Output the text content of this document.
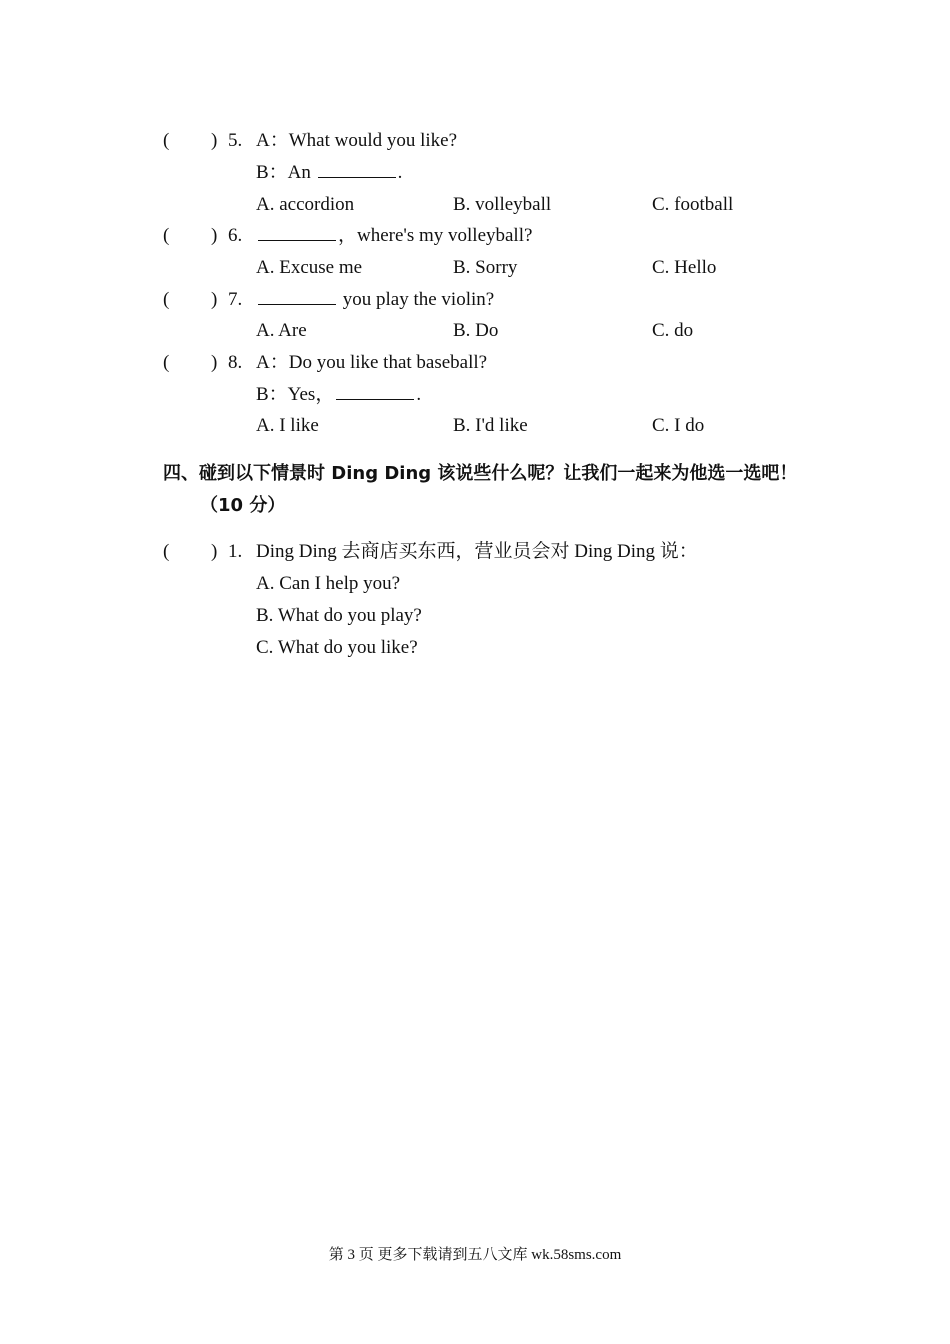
( ) 5. A：What would you like?
B：An	.
A. accordion	B. volleyball	C. football
( ) 6.	，where's my volleyball?
A. Excuse me	B. Sorry	C. Hello
( ) 7.	you play the violin?
A. Are	B. Do	C. do
( ) 8. A：Do you like that baseball?
B：Yes，	.
A. I like	B. I'd like	C. I do
四、碰到以下情景时 Ding Ding 该说些什么呢？让我们一起来为他选一选吧！
（10 分）
( ) 1. Ding Ding 去商店买东西，营业员会对 Ding Ding 说：
A. Can I help you?
B. What do you play?
C. What do you like?
第 3 页 更多下载请到五八文库 wk.58sms.com
